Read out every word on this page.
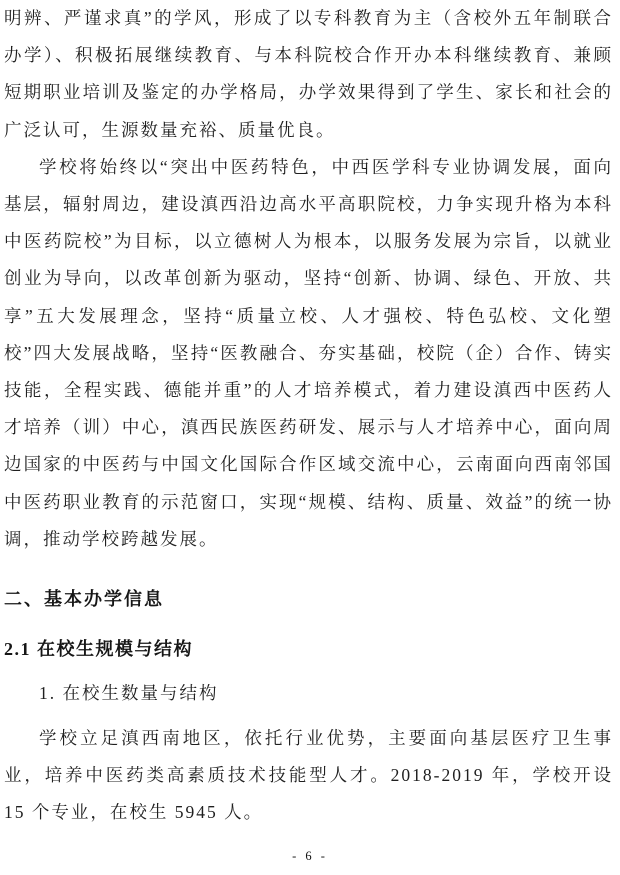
明辨、严谨求真”的学风，形成了以专科教育为主（含校外五年制联合办学）、积极拓展继续教育、与本科院校合作开办本科继续教育、兼顾短期职业培训及鉴定的办学格局，办学效果得到了学生、家长和社会的广泛认可，生源数量充裕、质量优良。

学校将始终以“突出中医药特色，中西医学科专业协调发展，面向基层，辐射周边，建设滇西沿边高水平高职院校，力争实现升格为本科中医药院校”为目标，以立德树人为根本，以服务发展为宗旨，以就业创业为导向，以改革创新为驱动，坚持“创新、协调、绿色、开放、共享”五大发展理念，坚持“质量立校、人才强校、特色弘校、文化塑校”四大发展战略，坚持“医教融合、夯实基础，校院（企）合作、铸实技能，全程实践、德能并重”的人才培养模式，着力建设滇西中医药人才培养（训）中心，滇西民族医药研发、展示与人才培养中心，面向周边国家的中医药与中国文化国际合作区域交流中心，云南面向西南邻国中医药职业教育的示范窗口，实现“规模、结构、质量、效益”的统一协调，推动学校跨越发展。

二、基本办学信息
2.1 在校生规模与结构

1. 在校生数量与结构

学校立足滇西南地区，依托行业优势，主要面向基层医疗卫生事业，培养中医药类高素质技术技能型人才。2018-2019 年，学校开设 15 个专业，在校生 5945 人。

- 6 -
